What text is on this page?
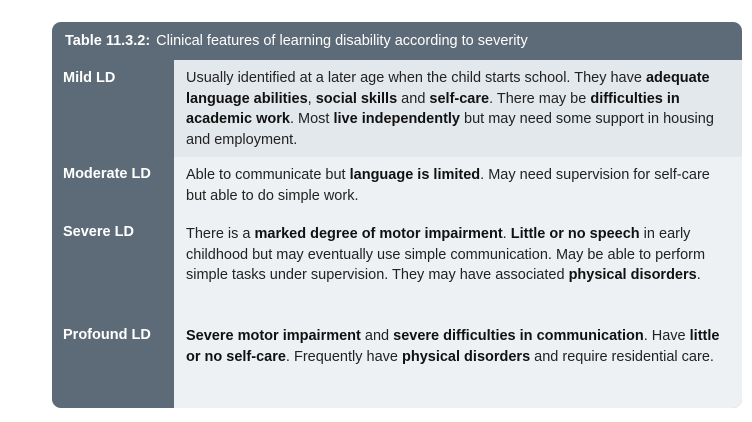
Table 11.3.2: Clinical features of learning disability according to severity
Mild LD	Usually identified at a later age when the child starts school. They have adequate language abilities, social skills and self-care. There may be difficulties in academic work. Most live independently but may need some support in housing and employment.
Moderate LD	Able to communicate but language is limited. May need supervision for self-care but able to do simple work.
Severe LD	There is a marked degree of motor impairment. Little or no speech in early childhood but may eventually use simple communication. May be able to perform simple tasks under supervision. They may have associated physical disorders.
Profound LD	Severe motor impairment and severe difficulties in communication. Have little or no self-care. Frequently have physical disorders and require residential care.
